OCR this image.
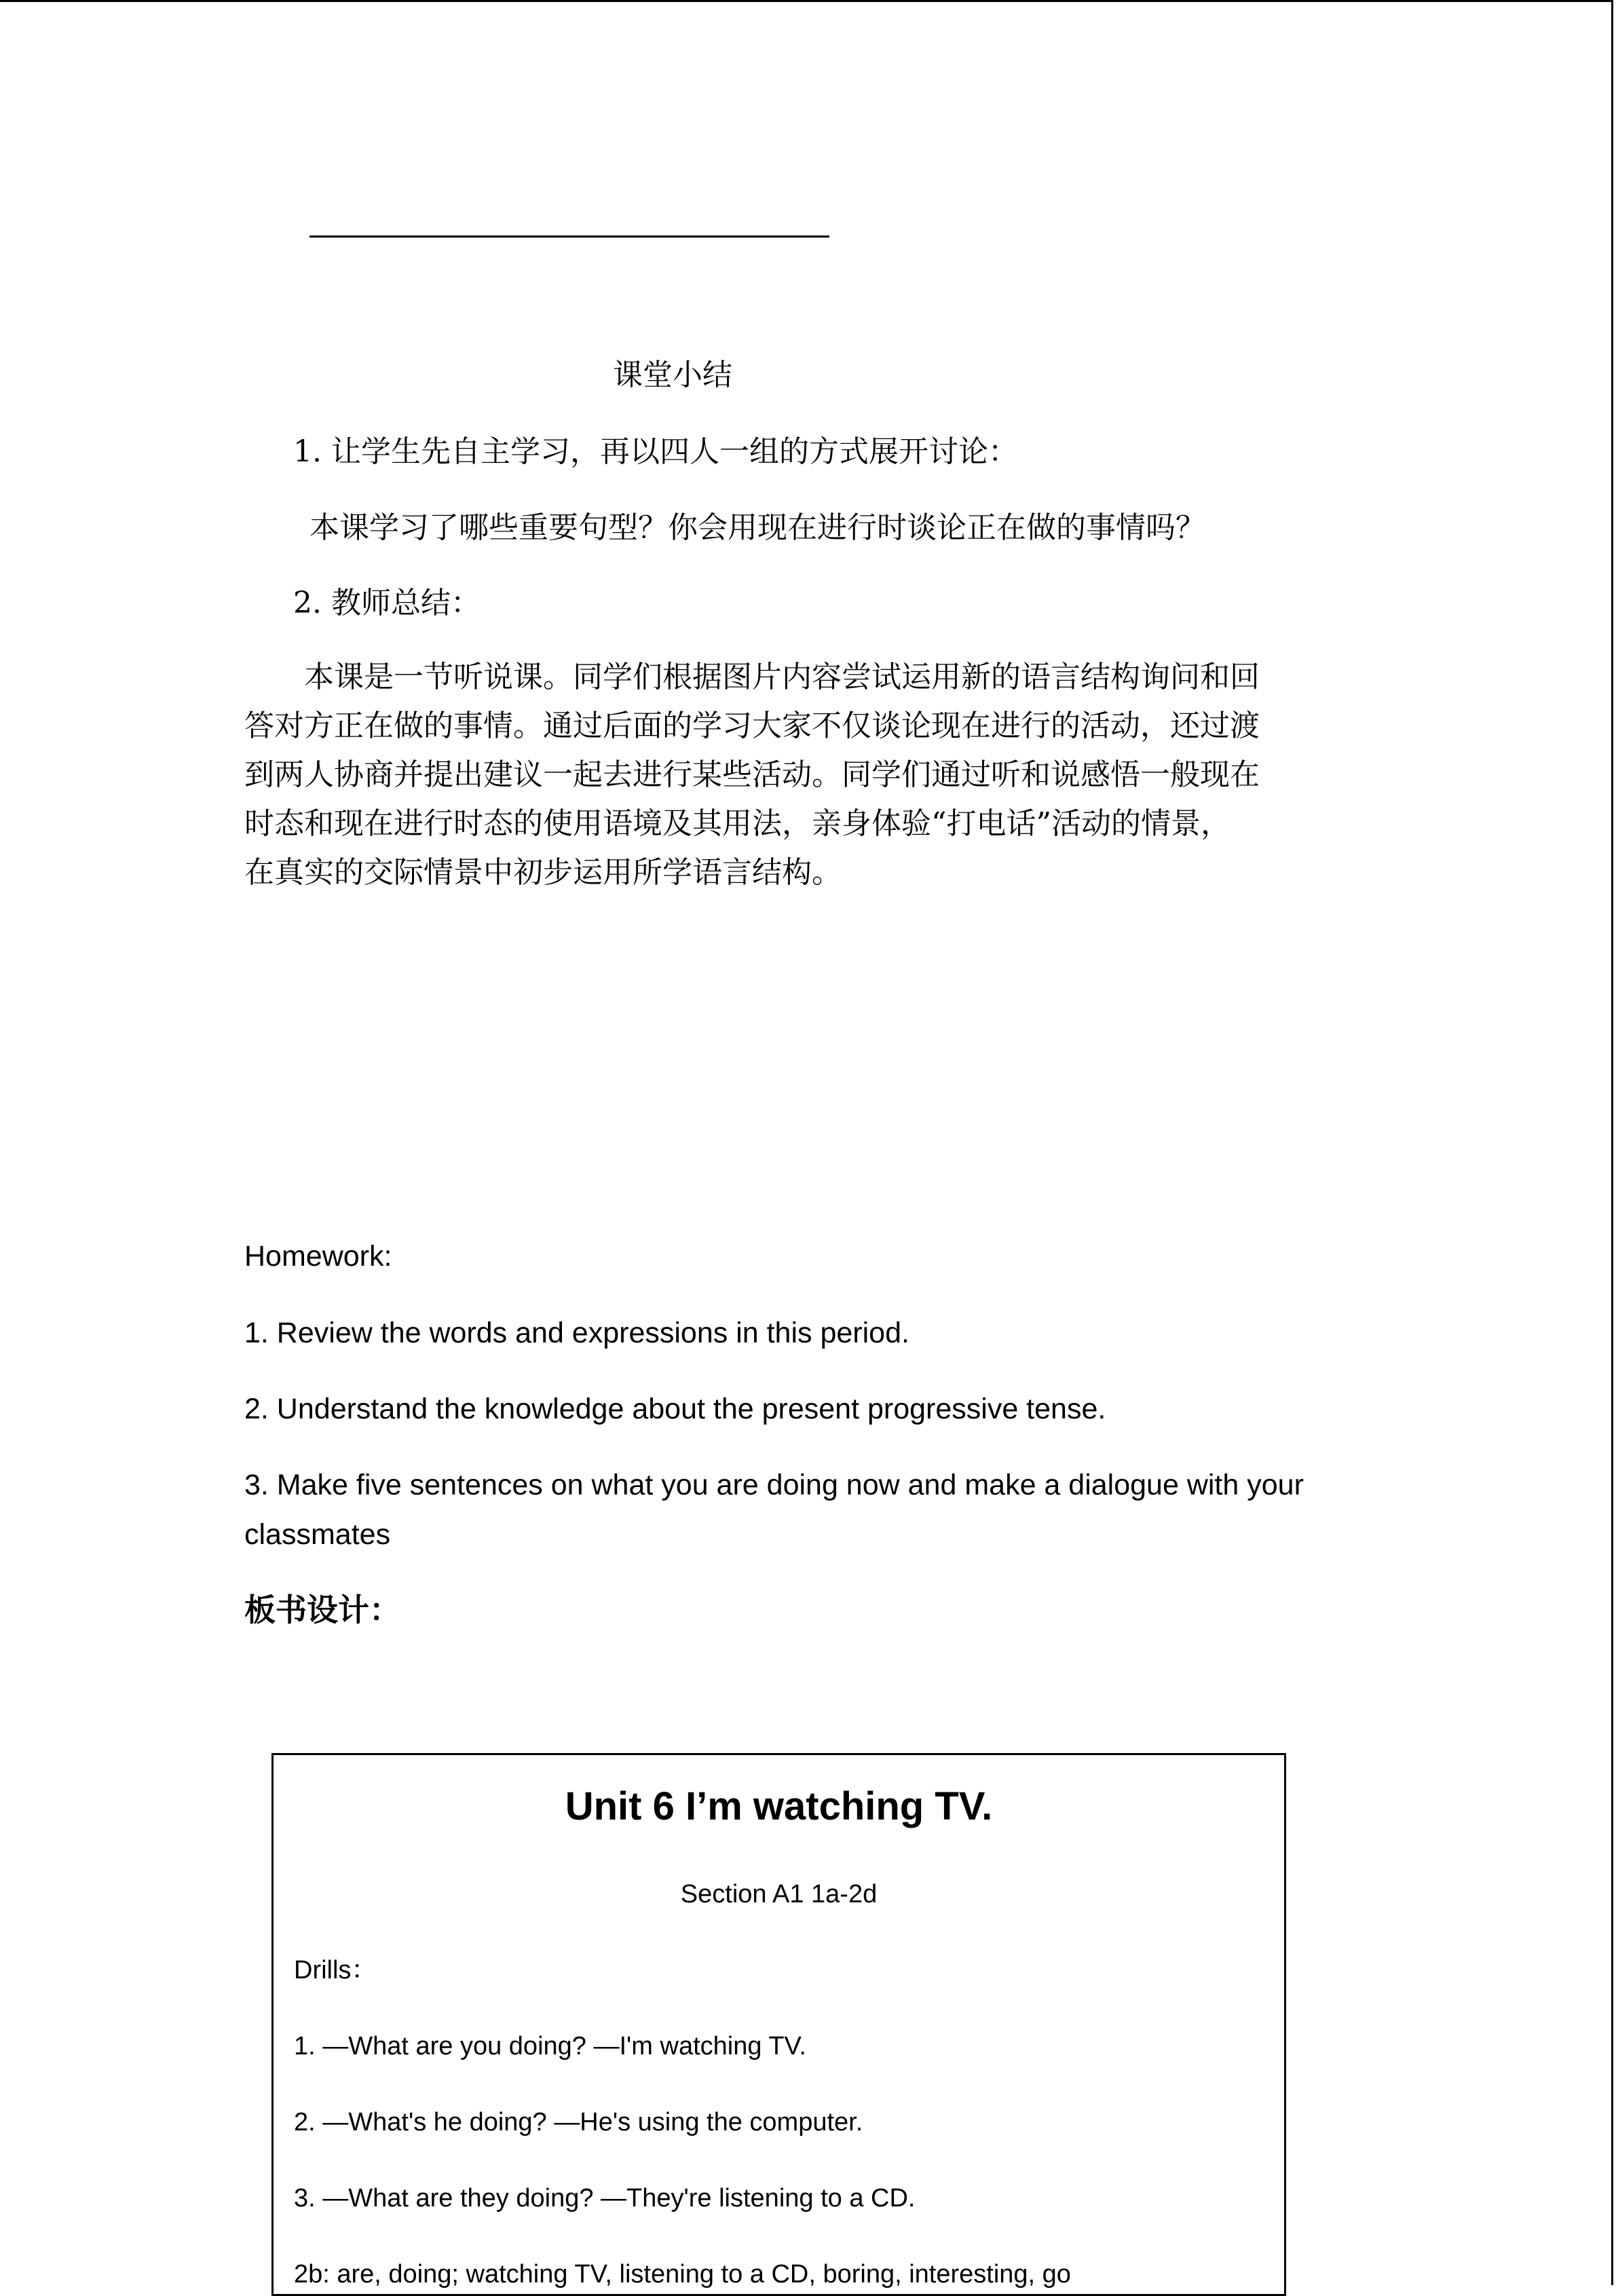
课堂小结

1. 让学生先自主学习，再以四人一组的方式展开讨论：

本课学习了哪些重要句型？你会用现在进行时谈论正在做的事情吗？

2. 教师总结：

　　本课是一节听说课。同学们根据图片内容尝试运用新的语言结构询问和回

答对方正在做的事情。通过后面的学习大家不仅谈论现在进行的活动，还过渡

到两人协商并提出建议一起去进行某些活动。同学们通过听和说感悟一般现在

时态和现在进行时态的使用语境及其用法，亲身体验“打电话”活动的情景，

在真实的交际情景中初步运用所学语言结构。

Homework:

1. Review the words and expressions in this period.

2. Understand the knowledge about the present progressive tense.

3. Make five sentences on what you are doing now and make a dialogue with your

classmates

板书设计：

Unit 6 I’m watching TV.
Section A1 1a-2d
Drills：
1. —What are you doing? —I'm watching TV.
2. —What's he doing? —He's using the computer.
3. —What are they doing? —They're listening to a CD.
2b: are, doing; watching TV, listening to a CD, boring, interesting, go
